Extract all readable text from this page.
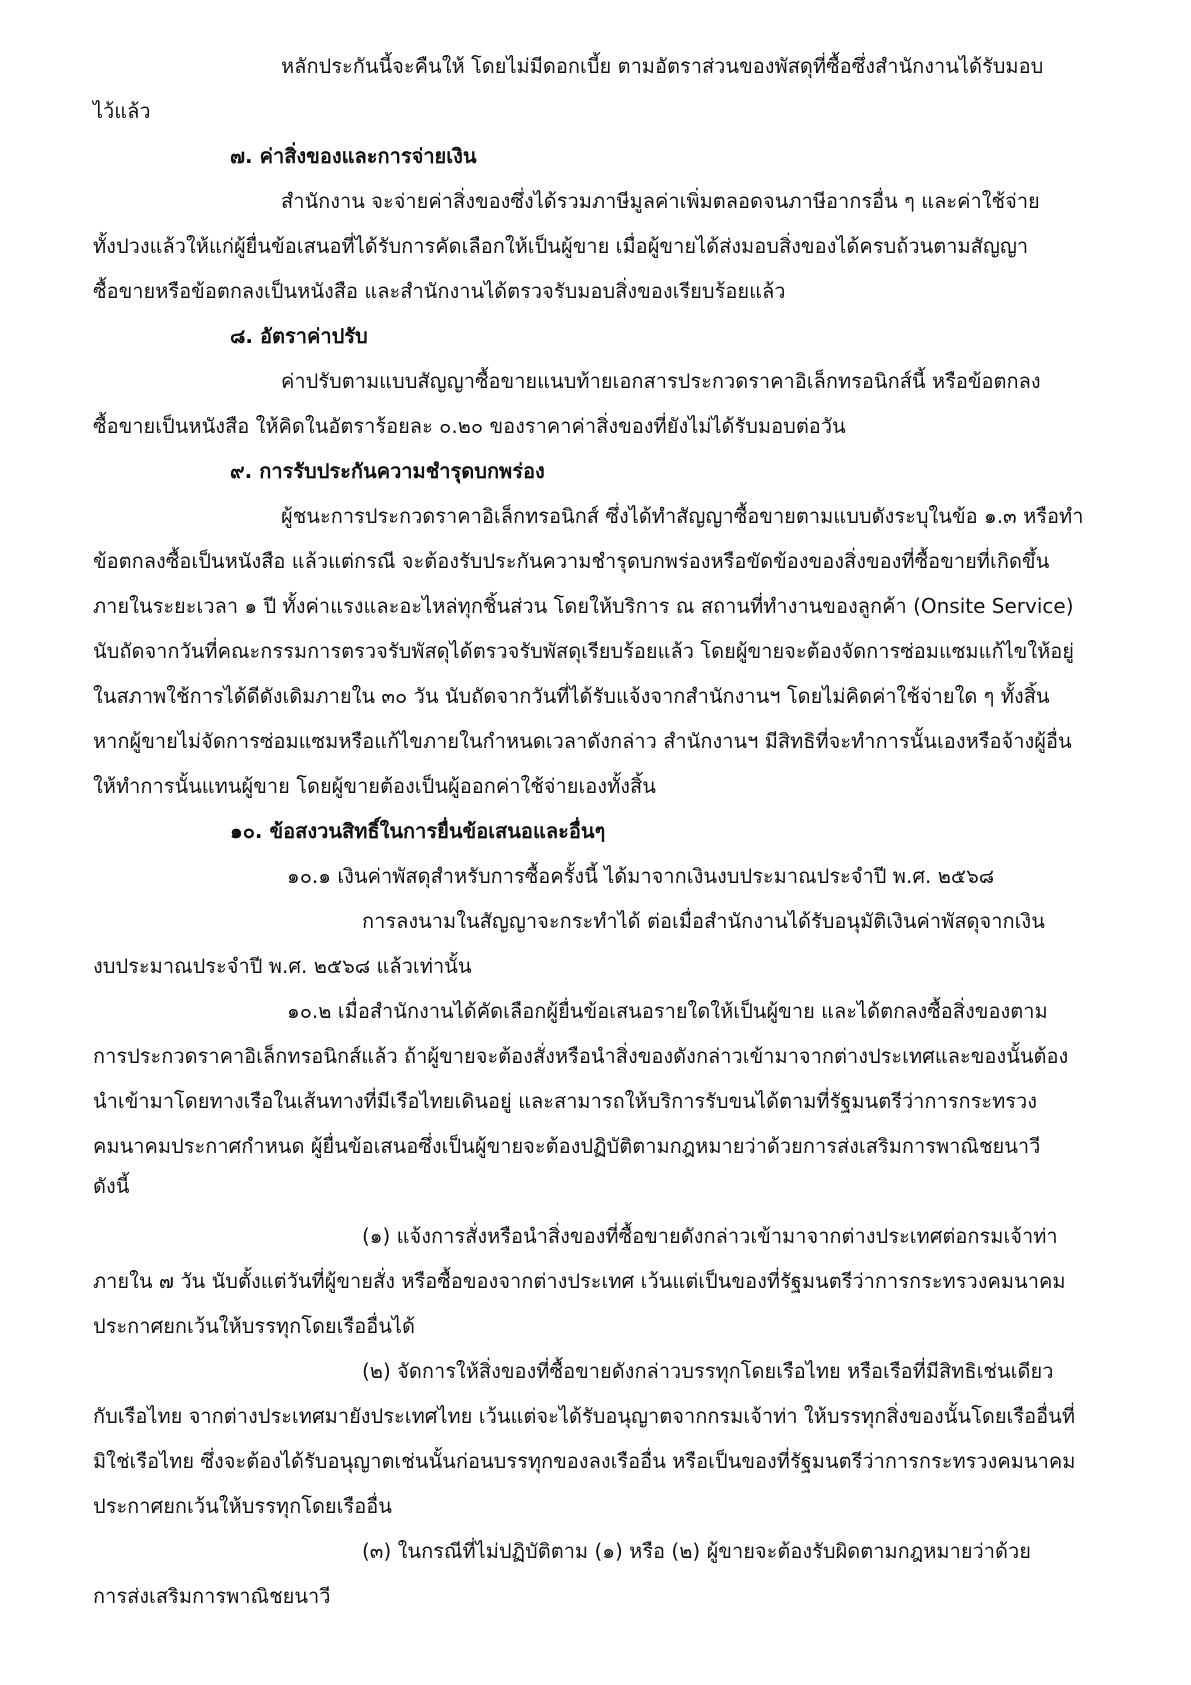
หลักประกันนี้จะคืนให้ โดยไม่มีดอกเบี้ย ตามอัตราส่วนของพัสดุที่ซื้อซึ่งสำนักงานได้รับมอบ
ไว้แล้ว
๗. ค่าสิ่งของและการจ่ายเงิน
สำนักงาน จะจ่ายค่าสิ่งของซึ่งได้รวมภาษีมูลค่าเพิ่มตลอดจนภาษีอากรอื่น ๆ และค่าใช้จ่าย
ทั้งปวงแล้วให้แก่ผู้ยื่นข้อเสนอที่ได้รับการคัดเลือกให้เป็นผู้ขาย เมื่อผู้ขายได้ส่งมอบสิ่งของได้ครบถ้วนตามสัญญา
ซื้อขายหรือข้อตกลงเป็นหนังสือ และสำนักงานได้ตรวจรับมอบสิ่งของเรียบร้อยแล้ว
๘. อัตราค่าปรับ
ค่าปรับตามแบบสัญญาซื้อขายแนบท้ายเอกสารประกวดราคาอิเล็กทรอนิกส์นี้ หรือข้อตกลง
ซื้อขายเป็นหนังสือ ให้คิดในอัตราร้อยละ ๐.๒๐ ของราคาค่าสิ่งของที่ยังไม่ได้รับมอบต่อวัน
๙. การรับประกันความชำรุดบกพร่อง
ผู้ชนะการประกวดราคาอิเล็กทรอนิกส์ ซึ่งได้ทำสัญญาซื้อขายตามแบบดังระบุในข้อ ๑.๓ หรือทำ
ข้อตกลงซื้อเป็นหนังสือ แล้วแต่กรณี จะต้องรับประกันความชำรุดบกพร่องหรือขัดข้องของสิ่งของที่ซื้อขายที่เกิดขึ้น
ภายในระยะเวลา ๑ ปี ทั้งค่าแรงและอะไหล่ทุกชิ้นส่วน โดยให้บริการ ณ สถานที่ทำงานของลูกค้า (Onsite Service)
นับถัดจากวันที่คณะกรรมการตรวจรับพัสดุได้ตรวจรับพัสดุเรียบร้อยแล้ว โดยผู้ขายจะต้องจัดการซ่อมแซมแก้ไขให้อยู่
ในสภาพใช้การได้ดีดังเดิมภายใน ๓๐ วัน นับถัดจากวันที่ได้รับแจ้งจากสำนักงานฯ โดยไม่คิดค่าใช้จ่ายใด ๆ ทั้งสิ้น
หากผู้ขายไม่จัดการซ่อมแซมหรือแก้ไขภายในกำหนดเวลาดังกล่าว สำนักงานฯ มีสิทธิที่จะทำการนั้นเองหรือจ้างผู้อื่น
ให้ทำการนั้นแทนผู้ขาย โดยผู้ขายต้องเป็นผู้ออกค่าใช้จ่ายเองทั้งสิ้น
๑๐. ข้อสงวนสิทธิ์ในการยื่นข้อเสนอและอื่นๆ
๑๐.๑ เงินค่าพัสดุสำหรับการซื้อครั้งนี้ ได้มาจากเงินงบประมาณประจำปี พ.ศ. ๒๕๖๘
การลงนามในสัญญาจะกระทำได้ ต่อเมื่อสำนักงานได้รับอนุมัติเงินค่าพัสดุจากเงิน
งบประมาณประจำปี พ.ศ. ๒๕๖๘ แล้วเท่านั้น
๑๐.๒ เมื่อสำนักงานได้คัดเลือกผู้ยื่นข้อเสนอรายใดให้เป็นผู้ขาย และได้ตกลงซื้อสิ่งของตาม
การประกวดราคาอิเล็กทรอนิกส์แล้ว ถ้าผู้ขายจะต้องสั่งหรือนำสิ่งของดังกล่าวเข้ามาจากต่างประเทศและของนั้นต้อง
นำเข้ามาโดยทางเรือในเส้นทางที่มีเรือไทยเดินอยู่ และสามารถให้บริการรับขนได้ตามที่รัฐมนตรีว่าการกระทรวง
คมนาคมประกาศกำหนด ผู้ยื่นข้อเสนอซึ่งเป็นผู้ขายจะต้องปฏิบัติตามกฎหมายว่าด้วยการส่งเสริมการพาณิชยนาวี
ดังนี้
(๑) แจ้งการสั่งหรือนำสิ่งของที่ซื้อขายดังกล่าวเข้ามาจากต่างประเทศต่อกรมเจ้าท่า
ภายใน ๗ วัน นับตั้งแต่วันที่ผู้ขายสั่ง หรือซื้อของจากต่างประเทศ เว้นแต่เป็นของที่รัฐมนตรีว่าการกระทรวงคมนาคม
ประกาศยกเว้นให้บรรทุกโดยเรืออื่นได้
(๒) จัดการให้สิ่งของที่ซื้อขายดังกล่าวบรรทุกโดยเรือไทย หรือเรือที่มีสิทธิเช่นเดียว
กับเรือไทย จากต่างประเทศมายังประเทศไทย เว้นแต่จะได้รับอนุญาตจากกรมเจ้าท่า ให้บรรทุกสิ่งของนั้นโดยเรืออื่นที่
มิใช่เรือไทย ซึ่งจะต้องได้รับอนุญาตเช่นนั้นก่อนบรรทุกของลงเรืออื่น หรือเป็นของที่รัฐมนตรีว่าการกระทรวงคมนาคม
ประกาศยกเว้นให้บรรทุกโดยเรืออื่น
(๓) ในกรณีที่ไม่ปฏิบัติตาม (๑) หรือ (๒) ผู้ขายจะต้องรับผิดตามกฎหมายว่าด้วย
การส่งเสริมการพาณิชยนาวี
